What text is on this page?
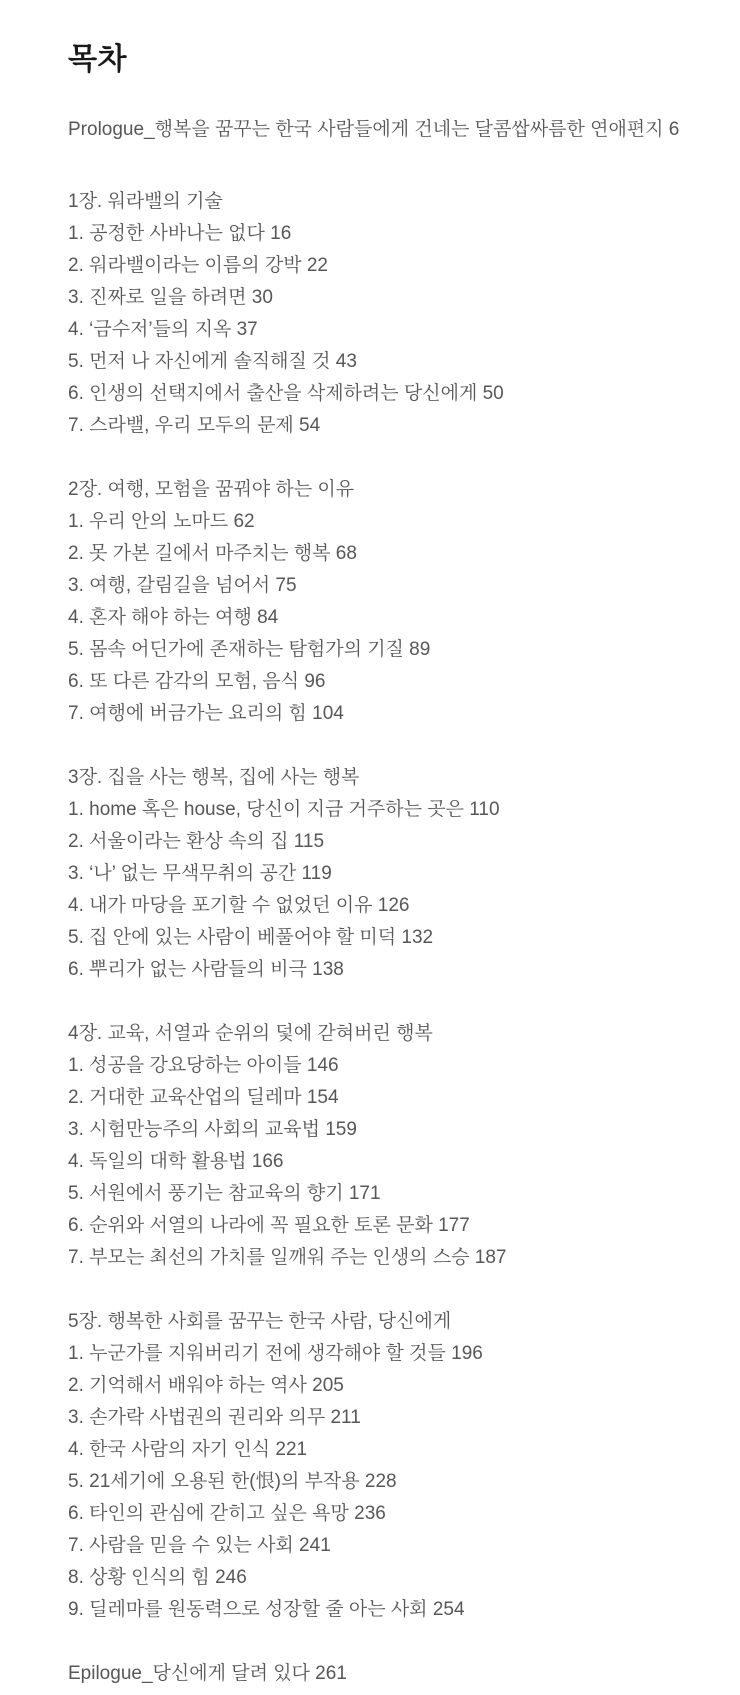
목차

Prologue_행복을 꿈꾸는 한국 사람들에게 건네는 달콤쌉싸름한 연애편지 6

1장. 워라밸의 기술
1. 공정한 사바나는 없다 16
2. 워라밸이라는 이름의 강박 22
3. 진짜로 일을 하려면 30
4. ‘금수저’들의 지옥 37
5. 먼저 나 자신에게 솔직해질 것 43
6. 인생의 선택지에서 출산을 삭제하려는 당신에게 50
7. 스라밸, 우리 모두의 문제 54
2장. 여행, 모험을 꿈꿔야 하는 이유
1. 우리 안의 노마드 62
2. 못 가본 길에서 마주치는 행복 68
3. 여행, 갈림길을 넘어서 75
4. 혼자 해야 하는 여행 84
5. 몸속 어딘가에 존재하는 탐험가의 기질 89
6. 또 다른 감각의 모험, 음식 96
7. 여행에 버금가는 요리의 힘 104
3장. 집을 사는 행복, 집에 사는 행복
1. home 혹은 house, 당신이 지금 거주하는 곳은 110
2. 서울이라는 환상 속의 집 115
3. ‘나’ 없는 무색무취의 공간 119
4. 내가 마당을 포기할 수 없었던 이유 126
5. 집 안에 있는 사람이 베풀어야 할 미덕 132
6. 뿌리가 없는 사람들의 비극 138
4장. 교육, 서열과 순위의 덫에 갇혀버린 행복
1. 성공을 강요당하는 아이들 146
2. 거대한 교육산업의 딜레마 154
3. 시험만능주의 사회의 교육법 159
4. 독일의 대학 활용법 166
5. 서원에서 풍기는 참교육의 향기 171
6. 순위와 서열의 나라에 꼭 필요한 토론 문화 177
7. 부모는 최선의 가치를 일깨워 주는 인생의 스승 187
5장. 행복한 사회를 꿈꾸는 한국 사람, 당신에게
1. 누군가를 지워버리기 전에 생각해야 할 것들 196
2. 기억해서 배워야 하는 역사 205
3. 손가락 사법권의 권리와 의무 211
4. 한국 사람의 자기 인식 221
5. 21세기에 오용된 한(恨)의 부작용 228
6. 타인의 관심에 갇히고 싶은 욕망 236
7. 사람을 믿을 수 있는 사회 241
8. 상황 인식의 힘 246
9. 딜레마를 원동력으로 성장할 줄 아는 사회 254

Epilogue_당신에게 달려 있다 261
